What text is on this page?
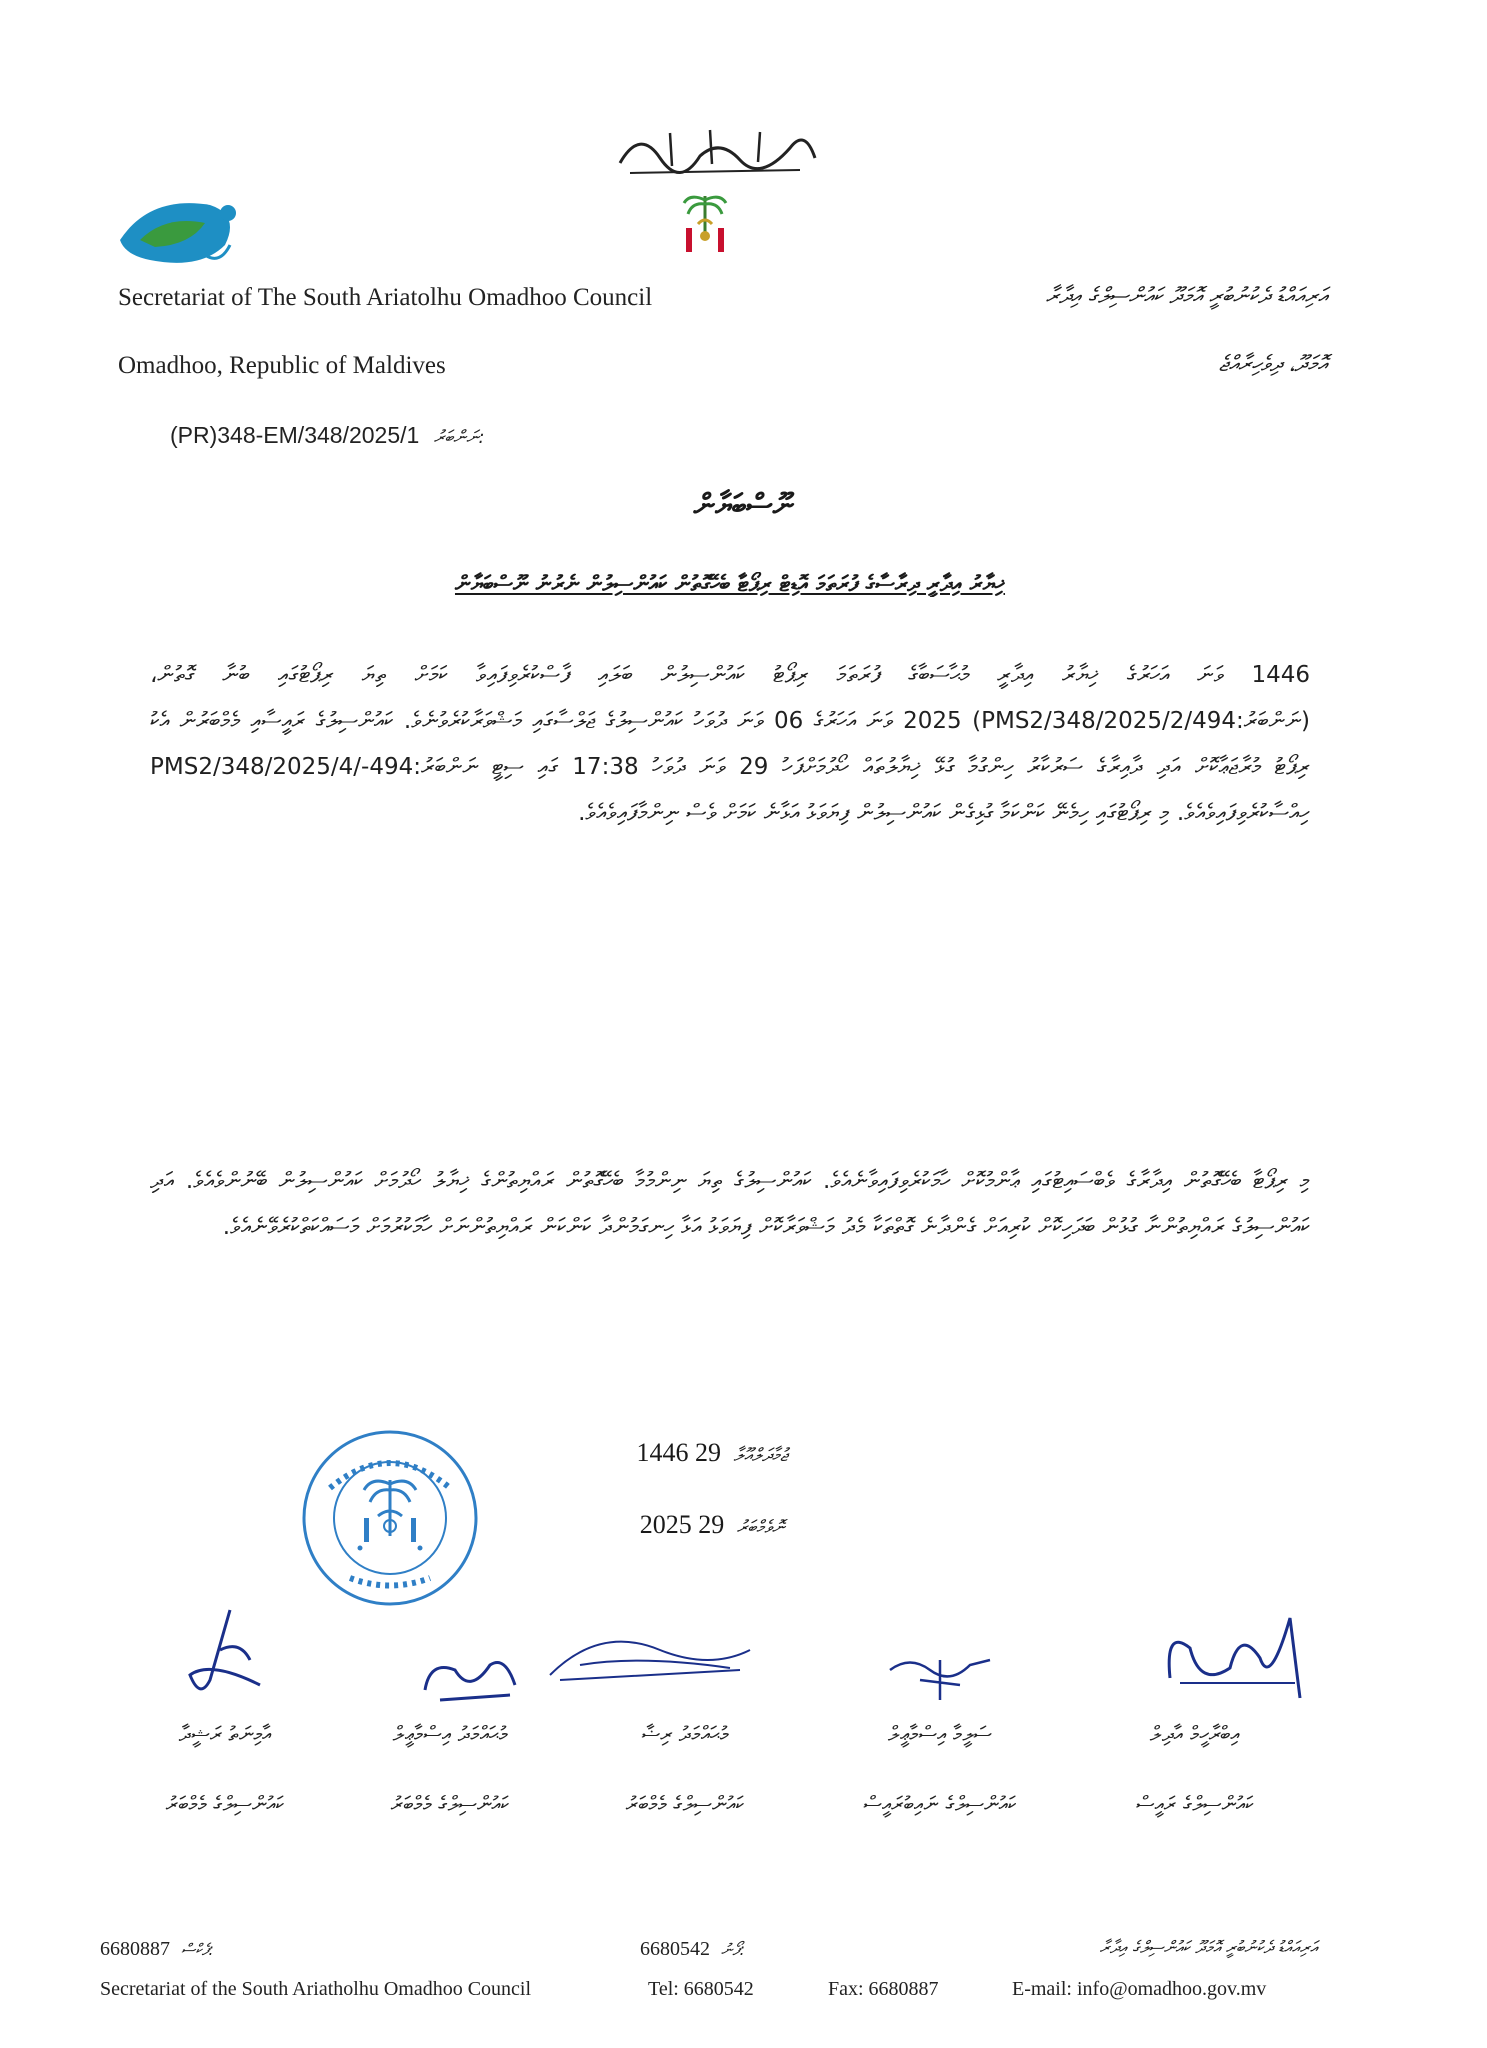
Secretariat of The South Ariatolhu Omadhoo Council	އަރިއައްޑު ދެކުނުބުރީ އޮމަދޫ ކައުންސިލްގެ އިދާރާ
Omadhoo, Republic of Maldives	އޮމަދޫ، ދިވެހިރާއްޖެ
(PR)348-EM/348/2025/1 ނަންބަރު:
ނޫސްބަޔާން
ޚިޔާރު އިދާރީ ދިރާސާގެ ފުރަތަމަ އޮޑިޓް ރިޕޯޓާ ބެހޭގޮތުން ކައުންސިލުން ނެރުނު ނޫސްބަޔާން
1446 ވަނަ އަހަރުގެ ޚިޔާރު އިދާރީ މުޙާސަބާގެ ފުރަތަމަ ރިޕޯޓު ކައުންސިލުން ބަލައި ފާސްކުރެވިފައިވާ ކަމަށް ތިޔަ ރިޕޯޓުގައި ބުނާ ގޮތުން، (ނަންބަރު:494/PMS2/348/2025/2) 2025 ވަނަ އަހަރުގެ 06 ވަނަ ދުވަހު ކައުންސިލުގެ ޖަލްސާގައި މަޝްވަރާކުރެވުނެވެ. ކައުންސިލުގެ ރައީސާއި މެމްބަރުން އެކު ރިޕޯޓު މުރާޖަޢާކޮށް އަދި ދާއިރާގެ ސަރުކާރު ހިންގުމާ ގުޅޭ ޚިޔާލުތައް ހޯދުމަށްފަހު 29 ވަނަ ދުވަހު 17:38 ގައި ސިޓީ ނަންބަރު:494-/PMS2/348/2025/4 ހިއްސާކުރެވިފައިވެއެވެ. މި ރިޕޯޓުގައި ހިމެނޭ ކަންކަމާ ގުޅިގެން ކައުންސިލުން ފިޔަވަޅު އަޅާނެ ކަމަށް ވެސް ނިންމާފައިވެއެވެ.
މި ރިޕޯޓާ ބެހޭގޮތުން އިދާރާގެ ވެބްސައިޓުގައި ޢާންމުކޮށް ހާމަކުރެވިފައިވާނެއެވެ. ކައުންސިލުގެ ތިޔަ ނިންމުމާ ބެހޭގޮތުން ރައްޔިތުންގެ ޚިޔާލު ހޯދުމަށް ކައުންސިލުން ބޭނުންވެއެވެ. އަދި ކައުންސިލުގެ ރައްޔިތުންނާ ގުޅުން ބަދަހިކޮށް ކުރިއަށް ގެންދާނެ ގޮތްތަކާ މެދު މަޝްވަރާކޮށް ފިޔަވަޅު އަޅާ ހިނގަމުންދާ ކަންކަން ރައްޔިތުންނަށް ހާމަކުރުމަށް މަސައްކަތްކުރެވޭނެއެވެ.
1446	ޖުމާދަލްއޫލާ 29
2025	ނޮވެމްބަރު 29
އިބްރާހީމް އާދިލް
ކައުންސިލްގެ ރައީސް
ސަލީމާ އިސްމާޢީލް
ކައުންސިލްގެ ނައިބުރައީސް
މުޙައްމަދު ރިޟާ
ކައުންސިލްގެ މެމްބަރު
މުޙައްމަދު އިސްމާޢީލް
ކައުންސިލްގެ މެމްބަރު
އާމިނަތު ރަޝީދާ
ކައުންސިލްގެ މެމްބަރު
6680887 ފެކްސް:	6680542 ފޯނު:	އަރިއައްޑު ދެކުނުބުރީ އޮމަދޫ ކައުންސިލްގެ އިދާރާ
Secretariat of the South Ariatholhu Omadhoo Council	Tel: 6680542	Fax: 6680887	E-mail: info@omadhoo.gov.mv
